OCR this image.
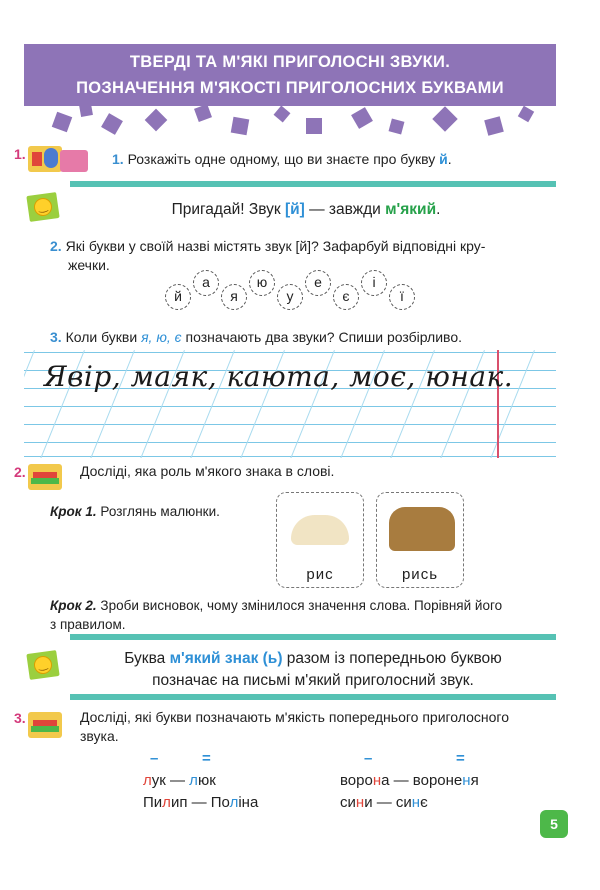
ТВЕРДІ ТА М'ЯКІ ПРИГОЛОСНІ ЗВУКИ.
ПОЗНАЧЕННЯ М'ЯКОСТІ ПРИГОЛОСНИХ БУКВАМИ
1.	1. Розкажіть одне одному, що ви знаєте про букву й.
‿	Пригадай! Звук [й] — завжди м'який.
2. Які букви у своїй назві містять звук [й]? Зафарбуй відповідні кру-
жечки.
а	ю	е	і
й	я	у	є	ї
3. Коли букви я, ю, є позначають два звуки? Спиши розбірливо.
Явір, маяк, каюта, моє, юнак.
2.	Досліді, яка роль м'якого знака в слові.
Крок 1. Розглянь малюнки.
рис	рись
Крок 2. Зроби висновок, чому змінилося значення слова. Порівняй його
з правилом.
‿	Буква м'який знак (ь) разом із попередньою буквою
позначає на письмі м'який приголосний звук.
3.	Досліді, які букви позначають м'якість попереднього приголосного
звука.
–	=	–	=
лук — люк
Пилип — Поліна
ворона — вороненя
сини — синє
5
